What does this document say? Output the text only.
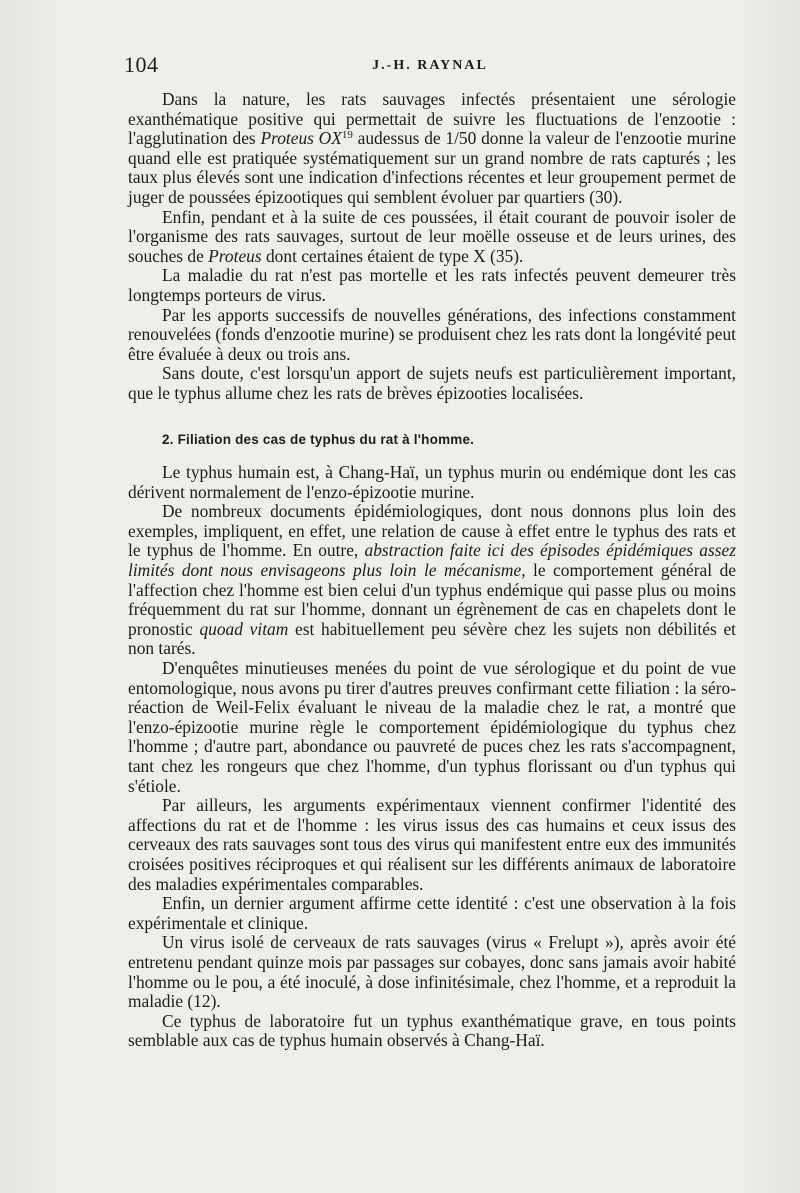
104	J.-H. RAYNAL

Dans la nature, les rats sauvages infectés présentaient une sérologie exanthématique positive qui permettait de suivre les fluctuations de l'enzootie : l'agglutination des Proteus OX$^{19}$ audessus de 1/50 donne la valeur de l'enzootie murine quand elle est pratiquée systématiquement sur un grand nombre de rats capturés ; les taux plus élevés sont une indication d'infections récentes et leur groupement permet de juger de poussées épizootiques qui semblent évoluer par quartiers (30).

Enfin, pendant et à la suite de ces poussées, il était courant de pouvoir isoler de l'organisme des rats sauvages, surtout de leur moëlle osseuse et de leurs urines, des souches de Proteus dont certaines étaient de type X (35).

La maladie du rat n'est pas mortelle et les rats infectés peuvent demeurer très longtemps porteurs de virus.

Par les apports successifs de nouvelles générations, des infections constamment renouvelées (fonds d'enzootie murine) se produisent chez les rats dont la longévité peut être évaluée à deux ou trois ans.

Sans doute, c'est lorsqu'un apport de sujets neufs est particulièrement important, que le typhus allume chez les rats de brèves épizooties localisées.

2. Filiation des cas de typhus du rat à l'homme.

Le typhus humain est, à Chang-Haï, un typhus murin ou endémique dont les cas dérivent normalement de l'enzo-épizootie murine.

De nombreux documents épidémiologiques, dont nous donnons plus loin des exemples, impliquent, en effet, une relation de cause à effet entre le typhus des rats et le typhus de l'homme. En outre, abstraction faite ici des épisodes épidémiques assez limités dont nous envisageons plus loin le mécanisme, le comportement général de l'affection chez l'homme est bien celui d'un typhus endémique qui passe plus ou moins fréquemment du rat sur l'homme, donnant un égrènement de cas en chapelets dont le pronostic quoad vitam est habituellement peu sévère chez les sujets non débilités et non tarés.

D'enquêtes minutieuses menées du point de vue sérologique et du point de vue entomologique, nous avons pu tirer d'autres preuves confirmant cette filiation : la séro-réaction de Weil-Felix évaluant le niveau de la maladie chez le rat, a montré que l'enzo-épizootie murine règle le comportement épidémiologique du typhus chez l'homme ; d'autre part, abondance ou pauvreté de puces chez les rats s'accompagnent, tant chez les rongeurs que chez l'homme, d'un typhus florissant ou d'un typhus qui s'étiole.

Par ailleurs, les arguments expérimentaux viennent confirmer l'identité des affections du rat et de l'homme : les virus issus des cas humains et ceux issus des cerveaux des rats sauvages sont tous des virus qui manifestent entre eux des immunités croisées positives réciproques et qui réalisent sur les différents animaux de laboratoire des maladies expérimentales comparables.

Enfin, un dernier argument affirme cette identité : c'est une observation à la fois expérimentale et clinique.

Un virus isolé de cerveaux de rats sauvages (virus « Frelupt »), après avoir été entretenu pendant quinze mois par passages sur cobayes, donc sans jamais avoir habité l'homme ou le pou, a été inoculé, à dose infinitésimale, chez l'homme, et a reproduit la maladie (12).

Ce typhus de laboratoire fut un typhus exanthématique grave, en tous points semblable aux cas de typhus humain observés à Chang-Haï.
